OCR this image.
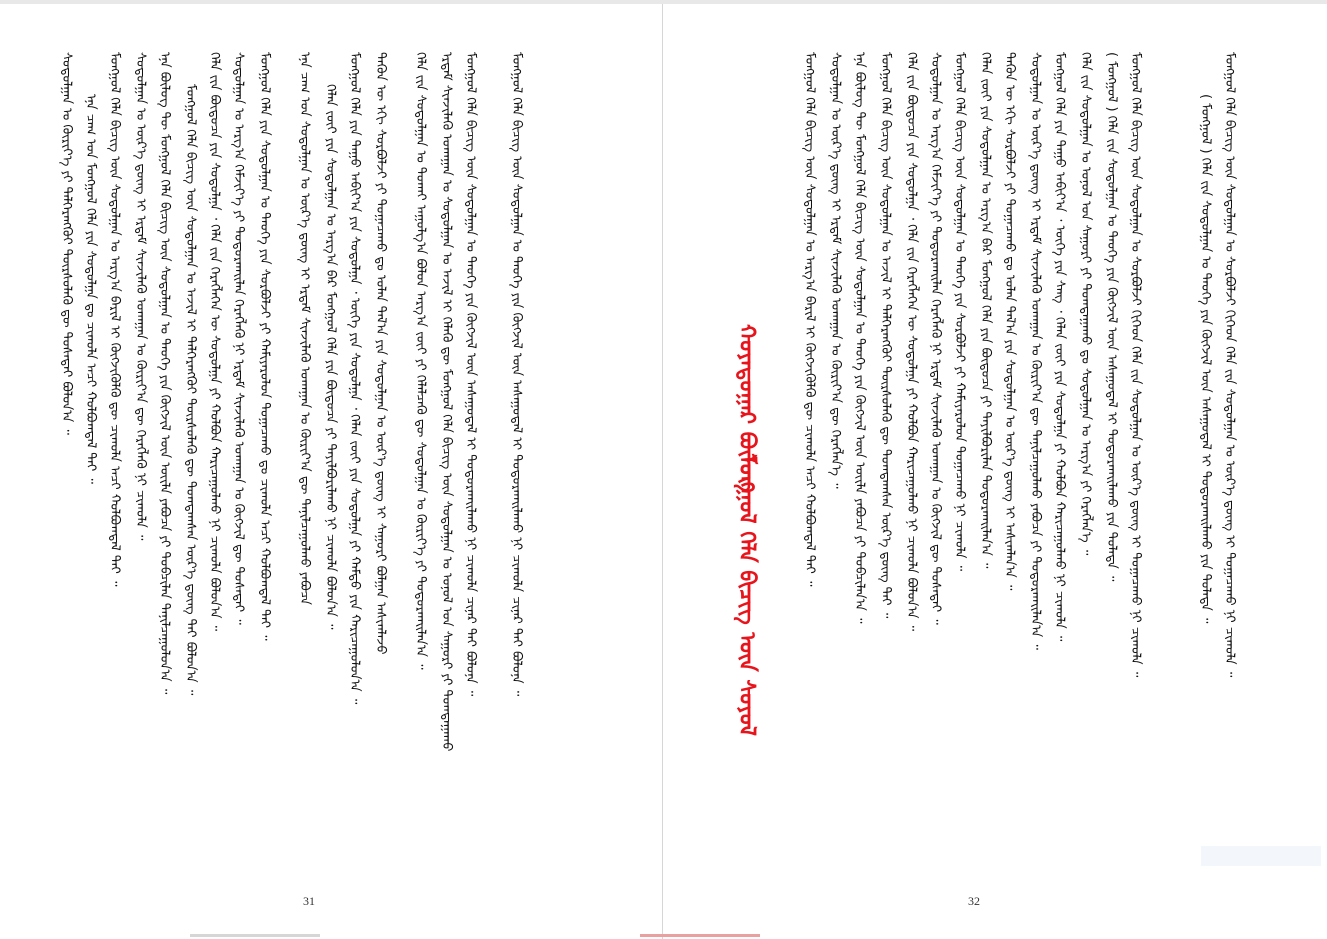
ᠰᠤᠳᠤᠯᠭᠠᠨ ᠤ ᠬᠦᠷᠢᠶ᠎ᠡ ᠶᠢ ᠳᠡᠯᠭᠡᠷᠡᠩᠭᠦᠢ ᠳᠦᠷᠰᠦᠯᠡᠬᠦ ᠳᠦ ᠲᠤᠰᠠᠲᠠᠢ ᠪᠣᠯᠤᠨ᠎ᠠ ᠃ ᠡᠨᠡ ᠴᠠᠭ ᠤᠨ ᠮᠣᠩᠭᠣᠯ ᠬᠡᠯᠡ ᠶᠢᠨ ᠰᠤᠳᠤᠯᠭᠠ ᠳᠤ ᠴᠢᠬᠤᠯᠠ ᠠᠴᠢ ᠬᠣᠯᠪᠣᠭᠳᠠᠯ ᠲᠠᠢ ᠃ ᠮᠣᠩᠭᠣᠯ ᠬᠡᠯᠡ ᠪᠢᠴᠢᠭ ᠦᠨ ᠰᠤᠳᠤᠯᠭᠠᠨ ᠤ ᠠᠷᠭ᠎ᠠ ᠪᠠᠷᠢᠯ ᠢ ᠬᠦᠭᠵᠢᠭᠦᠯᠬᠦ ᠳᠦ ᠴᠢᠬᠤᠯᠠ ᠠᠴᠢ ᠬᠣᠯᠪᠣᠭᠳᠠᠯ ᠲᠠᠢ ᠃ ᠰᠤᠳᠤᠯᠭᠠᠨ ᠤ ᠦᠷ᠎ᠡ ᠳ᠋ᠦᠩ ᠢ ᠡᠷᠳᠡᠮ ᠰᠢᠨᠵᠢᠯᠡᠬᠦ ᠤᠬᠠᠭᠠᠨ ᠤ ᠬᠦᠷᠢᠶ᠎ᠡᠨ ᠳᠦ ᠬᠡᠷᠡᠭᠯᠡᠬᠦ ᠨᠢ ᠴᠢᠬᠤᠯᠠ ᠃ ᠡᠨᠡ ᠪᠦᠯᠦᠭ ᠲᠦ ᠮᠣᠩᠭᠣᠯ ᠬᠡᠯᠡ ᠪᠢᠴᠢᠭ ᠦᠨ ᠰᠤᠳᠤᠯᠭᠠᠨ ᠤ ᠲᠡᠦᠬᠡ ᠶᠢᠨ ᠬᠥᠭᠵᠢᠯ ᠦᠨ ᠦᠢᠯᠡ ᠶᠠᠪᠤᠴᠠ ᠶᠢ ᠲᠣᠪᠴᠢᠯᠠᠨ ᠲᠠᠨᠢᠯᠴᠠᠭᠤᠯᠤᠨ᠎ᠠ ᠃ ᠮᠣᠩᠭᠣᠯ ᠬᠡᠯᠡ ᠪᠢᠴᠢᠭ ᠦᠨ ᠰᠤᠳᠤᠯᠭᠠᠨ ᠤ ᠠᠵᠢᠯ ᠢ ᠳᠡᠯᠭᠡᠷᠡᠩᠭᠦᠢ ᠳᠦᠷᠰᠦᠯᠡᠬᠦ ᠳᠦ ᠲᠣᠭᠲᠠᠭᠰᠠᠨ ᠦᠷ᠎ᠡ ᠳ᠋ᠦᠩ ᠲᠠᠢ ᠪᠣᠯᠤᠨ᠎ᠠ ᠃ ᠬᠡᠯᠡ ᠵᠢᠨ ᠪᠦᠲᠦᠴᠡ ᠶᠢᠨ ᠰᠤᠳᠤᠯᠭᠠ ᠂ ᠬᠡᠯᠡ ᠵᠢᠨ ᠬᠡᠷᠡᠭᠯᠡᠭᠡᠨ ᠦ ᠰᠤᠳᠤᠯᠭᠠ ᠶᠢ ᠬᠣᠯᠪᠣᠨ ᠬᠠᠷᠢᠴᠠᠭᠤᠯᠬᠤ ᠨᠢ ᠴᠢᠬᠤᠯᠠ ᠪᠣᠯᠤᠨ᠎ᠠ ᠃ ᠰᠤᠳᠤᠯᠭᠠᠨ ᠤ ᠠᠷᠭ᠎ᠠ ᠬᠡᠮᠵᠢᠶ᠎ᠡ ᠶᠢ ᠲᠣᠳᠣᠷᠬᠠᠢᠯᠠᠨ ᠬᠡᠷᠡᠭᠯᠡᠬᠦ ᠨᠢ ᠡᠷᠳᠡᠮ ᠰᠢᠨᠵᠢᠯᠡᠬᠦ ᠤᠬᠠᠭᠠᠨ ᠤ ᠬᠥᠭᠵᠢᠯ ᠳᠦ ᠲᠤᠰᠠᠲᠠᠢ ᠃ ᠮᠣᠩᠭᠣᠯ ᠬᠡᠯᠡ ᠶᠢᠨ ᠰᠤᠳᠤᠯᠭᠠᠨ ᠤ ᠲᠡᠦᠬᠡ ᠶᠢᠨ ᠰᠤᠷᠪᠤᠯᠵᠢ ᠶᠢ ᠬᠠᠮᠢᠶᠠᠷᠤᠯᠤᠨ ᠲᠣᠭᠠᠴᠠᠬᠤ ᠳᠤ ᠴᠢᠬᠤᠯᠠ ᠠᠴᠢ ᠬᠣᠯᠪᠣᠭᠳᠠᠯ ᠲᠠᠢ ᠃ ᠡᠨᠡ ᠴᠠᠭ ᠤᠨ ᠰᠤᠳᠤᠯᠭᠠᠨ ᠤ ᠦᠷ᠎ᠡ ᠳ᠋ᠦᠩ ᠢ ᠡᠷᠳᠡᠮ ᠰᠢᠨᠵᠢᠯᠡᠬᠦ ᠤᠬᠠᠭᠠᠨ ᠤ ᠬᠦᠷᠢᠶ᠎ᠡᠨ ᠳᠦ ᠲᠠᠨᠢᠯᠴᠠᠭᠤᠯᠬᠤ ᠶᠠᠪᠤᠴᠠ ᠬᠡᠯᠡᠨ ᠵᠦᠢ ᠶᠢᠨ ᠰᠤᠳᠤᠯᠭᠠᠨ ᠤ ᠠᠷᠭ᠎ᠠ ᠪᠠᠷ ᠮᠣᠩᠭᠣᠯ ᠬᠡᠯᠡ ᠶᠢᠨ ᠪᠦᠲᠦᠴᠡ ᠶᠢ ᠲᠠᠶᠢᠯᠪᠤᠷᠢᠯᠠᠬᠤ ᠨᠢ ᠴᠢᠬᠤᠯᠠ ᠪᠣᠯᠤᠨ᠎ᠠ ᠃ ᠮᠣᠩᠭᠣᠯ ᠬᠡᠯᠡ ᠶᠢᠨ ᠳᠠᠭᠤ ᠠᠪᠢᠶ᠎ᠠ ᠶᠢᠨ ᠰᠤᠳᠤᠯᠭᠠ ᠂ ᠦᠭᠡ ᠶᠢᠨ ᠰᠤᠳᠤᠯᠭᠠ ᠂ ᠬᠡᠯᠡᠨ ᠵᠦᠢ ᠶᠢᠨ ᠰᠤᠳᠤᠯᠭᠠ ᠶᠢ ᠬᠠᠮᠲᠤ ᠶᠢᠨ ᠬᠠᠷᠢᠴᠠᠭᠤᠯᠤᠨ᠎ᠠ ᠃ ᠲᠡᠭᠦᠨ ᠦ ᠡᠬᠢ ᠰᠤᠷᠪᠤᠯᠵᠢ ᠶᠢ ᠲᠣᠭᠠᠴᠠᠬᠤ ᠳᠤ ᠣᠯᠠᠨ ᠲᠠᠯ᠎ᠠ ᠶᠢᠨ ᠰᠤᠳᠤᠯᠭᠠᠨ ᠤ ᠦᠷ᠎ᠡ ᠳ᠋ᠦᠩ ᠢ ᠰᠠᠭᠤᠷᠢ ᠪᠣᠯᠭᠠᠨ ᠠᠰᠢᠭᠯᠠᠵᠤ ᠬᠡᠯᠡ ᠵᠢᠨ ᠰᠤᠳᠤᠯᠭᠠᠨ ᠤ ᠲᠤᠬᠠᠢ ᠠᠭᠤᠯᠭ᠎ᠠ ᠪᠣᠯᠤᠨ ᠠᠷᠭ᠎ᠠ ᠵᠦᠢ ᠶᠢ ᠬᠡᠯᠡᠯᠴᠡᠬᠦ ᠳᠦ ᠰᠤᠳᠤᠯᠭᠠᠨ ᠤ ᠬᠦᠷᠢᠶ᠎ᠡ ᠶᠢ ᠲᠣᠳᠣᠷᠬᠠᠢᠯᠠᠨ᠎ᠠ ᠃ ᠡᠷᠳᠡᠮ ᠰᠢᠨᠵᠢᠯᠡᠬᠦ ᠤᠬᠠᠭᠠᠨ ᠤ ᠰᠤᠳᠤᠯᠭᠠᠨ ᠤ ᠠᠵᠢᠯ ᠢ ᠬᠡᠯᠡᠬᠦ ᠳᠦ ᠮᠣᠩᠭᠣᠯ ᠬᠡᠯᠡ ᠪᠢᠴᠢᠭ ᠦᠨ ᠰᠤᠳᠤᠯᠭᠠᠨ ᠤ ᠣᠨᠣᠯ ᠤᠨ ᠰᠠᠭᠤᠷᠢ ᠶᠢ ᠲᠣᠭᠲᠠᠭᠠᠬᠤ ᠮᠣᠩᠭᠣᠯ ᠬᠡᠯᠡ ᠪᠢᠴᠢᠭ᠌ ᠦᠨ ᠰᠤᠳᠤᠯᠭᠠᠨ ᠤ ᠲᠡᠦᠬᠡ ᠶᠢᠨ ᠬᠥᠭᠵᠢᠯ ᠦᠨ ᠠᠰᠠᠭᠤᠳᠠᠯ ᠢ ᠲᠣᠳᠣᠷᠬᠠᠢᠯᠠᠬᠤ ᠨᠢ ᠴᠢᠬᠤᠯᠠ ᠴᠢᠨᠠᠷ ᠲᠠᠢ ᠪᠣᠯᠤᠨᠠ ᠃ ᠮᠣᠩᠭᠣᠯ ᠬᠡᠯᠡ ᠪᠢᠴᠢᠭ᠌ ᠦᠨ ᠰᠤᠳᠤᠯᠭᠠᠨ ᠤ ᠲᠡᠦᠬᠡ ᠶᠢᠨ ᠬᠥᠭᠵᠢᠯ ᠦᠨ ᠠᠰᠠᠭᠤᠳᠠᠯ ᠢ ᠲᠣᠳᠣᠷᠬᠠᠢᠯᠠᠬᠤ ᠨᠢ ᠴᠢᠬᠤᠯᠠ ᠴᠢᠨᠠᠷ ᠲᠠᠢ ᠪᠣᠯᠤᠨᠠ ᠃
31
ᠬᠣᠶᠠᠳᠤᠭᠠᠷ ᠪᠦᠯᠦᠭ
ᠮᠣᠩᠭᠣᠯ ᠬᠡᠯᠡ ᠪᠢᠴᠢᠭ᠌ ᠦᠨ ᠰᠣᠶᠣᠯ
ᠮᠣᠩᠭᠣᠯ ᠬᠡᠯᠡ ᠪᠢᠴᠢᠭ ᠦᠨ ᠰᠤᠳᠤᠯᠭᠠᠨ ᠤ ᠠᠷᠭ᠎ᠠ ᠪᠠᠷᠢᠯ ᠢ ᠬᠦᠭᠵᠢᠭᠦᠯᠬᠦ ᠳᠦ ᠴᠢᠬᠤᠯᠠ ᠠᠴᠢ ᠬᠣᠯᠪᠣᠭᠳᠠᠯ ᠲᠠᠢ ᠃ ᠰᠤᠳᠤᠯᠭᠠᠨ ᠤ ᠦᠷ᠎ᠡ ᠳ᠋ᠦᠩ ᠢ ᠡᠷᠳᠡᠮ ᠰᠢᠨᠵᠢᠯᠡᠬᠦ ᠤᠬᠠᠭᠠᠨ ᠤ ᠬᠦᠷᠢᠶ᠎ᠡᠨ ᠳᠦ ᠬᠡᠷᠡᠭᠯᠡᠨ᠎ᠡ ᠃ ᠡᠨᠡ ᠪᠦᠯᠦᠭ ᠲᠦ ᠮᠣᠩᠭᠣᠯ ᠬᠡᠯᠡ ᠪᠢᠴᠢᠭ ᠦᠨ ᠰᠤᠳᠤᠯᠭᠠᠨ ᠤ ᠲᠡᠦᠬᠡ ᠶᠢᠨ ᠬᠥᠭᠵᠢᠯ ᠦᠨ ᠦᠢᠯᠡ ᠶᠠᠪᠤᠴᠠ ᠶᠢ ᠲᠣᠪᠴᠢᠯᠠᠨ᠎ᠠ ᠃ ᠮᠣᠩᠭᠣᠯ ᠬᠡᠯᠡ ᠪᠢᠴᠢᠭ ᠦᠨ ᠰᠤᠳᠤᠯᠭᠠᠨ ᠤ ᠠᠵᠢᠯ ᠢ ᠳᠡᠯᠭᠡᠷᠡᠩᠭᠦᠢ ᠳᠦᠷᠰᠦᠯᠡᠬᠦ ᠳᠦ ᠲᠣᠭᠲᠠᠭᠰᠠᠨ ᠦᠷ᠎ᠡ ᠳ᠋ᠦᠩ ᠲᠠᠢ ᠃ ᠬᠡᠯᠡ ᠵᠢᠨ ᠪᠦᠲᠦᠴᠡ ᠶᠢᠨ ᠰᠤᠳᠤᠯᠭᠠ ᠂ ᠬᠡᠯᠡ ᠵᠢᠨ ᠬᠡᠷᠡᠭᠯᠡᠭᠡᠨ ᠦ ᠰᠤᠳᠤᠯᠭᠠ ᠶᠢ ᠬᠣᠯᠪᠣᠨ ᠬᠠᠷᠢᠴᠠᠭᠤᠯᠬᠤ ᠨᠢ ᠴᠢᠬᠤᠯᠠ ᠪᠣᠯᠤᠨ᠎ᠠ ᠃ ᠰᠤᠳᠤᠯᠭᠠᠨ ᠤ ᠠᠷᠭ᠎ᠠ ᠬᠡᠮᠵᠢᠶ᠎ᠡ ᠶᠢ ᠲᠣᠳᠣᠷᠬᠠᠢᠯᠠᠨ ᠬᠡᠷᠡᠭᠯᠡᠬᠦ ᠨᠢ ᠡᠷᠳᠡᠮ ᠰᠢᠨᠵᠢᠯᠡᠬᠦ ᠤᠬᠠᠭᠠᠨ ᠤ ᠬᠥᠭᠵᠢᠯ ᠳᠦ ᠲᠤᠰᠠᠲᠠᠢ ᠃ ᠮᠣᠩᠭᠣᠯ ᠬᠡᠯᠡ ᠪᠢᠴᠢᠭ ᠦᠨ ᠰᠤᠳᠤᠯᠭᠠᠨ ᠤ ᠲᠡᠦᠬᠡ ᠶᠢᠨ ᠰᠤᠷᠪᠤᠯᠵᠢ ᠶᠢ ᠬᠠᠮᠢᠶᠠᠷᠤᠯᠤᠨ ᠲᠣᠭᠠᠴᠠᠬᠤ ᠨᠢ ᠴᠢᠬᠤᠯᠠ ᠃ ᠬᠡᠯᠡᠨ ᠵᠦᠢ ᠶᠢᠨ ᠰᠤᠳᠤᠯᠭᠠᠨ ᠤ ᠠᠷᠭ᠎ᠠ ᠪᠠᠷ ᠮᠣᠩᠭᠣᠯ ᠬᠡᠯᠡ ᠶᠢᠨ ᠪᠦᠲᠦᠴᠡ ᠶᠢ ᠲᠠᠶᠢᠯᠪᠤᠷᠢᠯᠠᠨ ᠲᠣᠳᠣᠷᠬᠠᠢᠯᠠᠨ᠎ᠠ ᠃ ᠲᠡᠭᠦᠨ ᠦ ᠡᠬᠢ ᠰᠤᠷᠪᠤᠯᠵᠢ ᠶᠢ ᠲᠣᠭᠠᠴᠠᠬᠤ ᠳᠤ ᠣᠯᠠᠨ ᠲᠠᠯ᠎ᠠ ᠶᠢᠨ ᠰᠤᠳᠤᠯᠭᠠᠨ ᠤ ᠦᠷ᠎ᠡ ᠳ᠋ᠦᠩ ᠢ ᠠᠰᠢᠭᠯᠠᠨ᠎ᠠ ᠃ ᠰᠤᠳᠤᠯᠭᠠᠨ ᠤ ᠦᠷ᠎ᠡ ᠳ᠋ᠦᠩ ᠢ ᠡᠷᠳᠡᠮ ᠰᠢᠨᠵᠢᠯᠡᠬᠦ ᠤᠬᠠᠭᠠᠨ ᠤ ᠬᠦᠷᠢᠶ᠎ᠡᠨ ᠳᠦ ᠲᠠᠨᠢᠯᠴᠠᠭᠤᠯᠬᠤ ᠶᠠᠪᠤᠴᠠ ᠶᠢ ᠲᠣᠳᠣᠷᠬᠠᠢᠯᠠᠨ᠎ᠠ ᠃ ᠮᠣᠩᠭᠣᠯ ᠬᠡᠯᠡ ᠶᠢᠨ ᠳᠠᠭᠤ ᠠᠪᠢᠶ᠎ᠠ ᠂ ᠦᠭᠡ ᠶᠢᠨ ᠰᠠᠩ ᠂ ᠬᠡᠯᠡᠨ ᠵᠦᠢ ᠶᠢᠨ ᠰᠤᠳᠤᠯᠭᠠ ᠶᠢ ᠬᠣᠯᠪᠣᠨ ᠬᠠᠷᠢᠴᠠᠭᠤᠯᠬᠤ ᠨᠢ ᠴᠢᠬᠤᠯᠠ ᠃ ᠬᠡᠯᠡ ᠵᠢᠨ ᠰᠤᠳᠤᠯᠭᠠᠨ ᠤ ᠣᠨᠣᠯ ᠤᠨ ᠰᠠᠭᠤᠷᠢ ᠶᠢ ᠲᠣᠭᠲᠠᠭᠠᠬᠤ ᠳᠤ ᠰᠤᠳᠤᠯᠭᠠᠨ ᠤ ᠠᠷᠭ᠎ᠠ ᠶᠢ ᠬᠡᠷᠡᠭᠯᠡᠨ᠎ᠡ ᠃ ( ᠮᠣᠩᠭᠣᠯ ) ᠬᠡᠯᠡ ᠵᠢᠨ ᠰᠤᠳᠤᠯᠭᠠᠨ ᠤ ᠲᠡᠦᠬᠡ ᠶᠢᠨ ᠬᠥᠭᠵᠢᠯ ᠦᠨ ᠠᠰᠠᠭᠤᠳᠠᠯ ᠢ ᠲᠣᠳᠣᠷᠬᠠᠢᠯᠠᠬᠤ ᠶᠢᠨ ᠲᠤᠯᠠᠳᠠ ᠃ ᠮᠣᠩᠭᠣᠯ ᠬᠡᠯᠡ ᠪᠢᠴᠢᠭ᠌ ᠦᠨ ᠰᠤᠳᠤᠯᠭᠠᠨ ᠤ ᠰᠤᠷᠪᠤᠯᠵᠢ ᠬᠢᠭᠡᠳ ᠬᠡᠯᠡ ᠵᠢᠨ ᠰᠤᠳᠤᠯᠭᠠᠨ ᠤ ᠦᠷ᠎ᠡ ᠳ᠋ᠦᠩ ᠢ ᠲᠣᠭᠠᠴᠠᠬᠤ ᠨᠢ ᠴᠢᠬᠤᠯᠠ ᠃	( ᠮᠣᠩᠭᠣᠯ ) ᠬᠡᠯᠡ ᠵᠢᠨ ᠰᠤᠳᠤᠯᠭᠠᠨ ᠤ ᠲᠡᠦᠬᠡ ᠶᠢᠨ ᠬᠥᠭᠵᠢᠯ ᠦᠨ ᠠᠰᠠᠭᠤᠳᠠᠯ ᠢ ᠲᠣᠳᠣᠷᠬᠠᠢᠯᠠᠬᠤ ᠶᠢᠨ ᠲᠤᠯᠠᠳᠠ ᠃ ᠮᠣᠩᠭᠣᠯ ᠬᠡᠯᠡ ᠪᠢᠴᠢᠭ᠌ ᠦᠨ ᠰᠤᠳᠤᠯᠭᠠᠨ ᠤ ᠰᠤᠷᠪᠤᠯᠵᠢ ᠬᠢᠭᠡᠳ ᠬᠡᠯᠡ ᠵᠢᠨ ᠰᠤᠳᠤᠯᠭᠠᠨ ᠤ ᠦᠷ᠎ᠡ ᠳ᠋ᠦᠩ ᠢ ᠲᠣᠭᠠᠴᠠᠬᠤ ᠨᠢ ᠴᠢᠬᠤᠯᠠ ᠃
32
